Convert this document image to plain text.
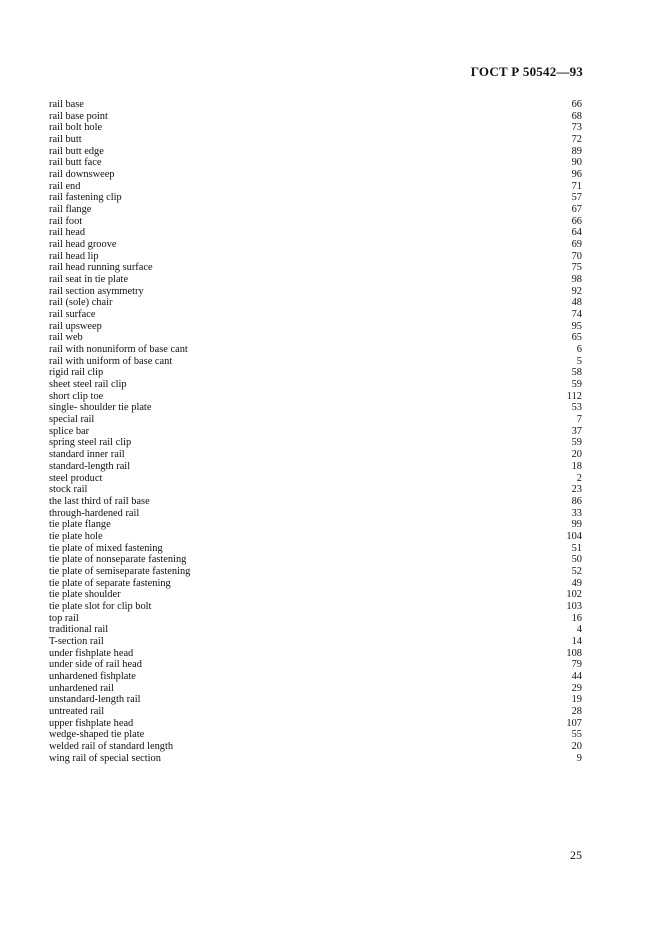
ГОСТ Р 50542—93
rail base	66
rail base point	68
rail bolt hole	73
rail butt	72
rail butt edge	89
rail butt face	90
rail downsweep	96
rail end	71
rail fastening clip	57
rail flange	67
rail foot	66
rail head	64
rail head groove	69
rail head lip	70
rail head running surface	75
rail seat in tie plate	98
rail section asymmetry	92
rail (sole) chair	48
rail surface	74
rail upsweep	95
rail web	65
rail with nonuniform of base cant	6
rail with uniform of base cant	5
rigid rail clip	58
sheet steel rail clip	59
short clip toe	112
single- shoulder tie plate	53
special rail	7
splice bar	37
spring steel rail clip	59
standard inner rail	20
standard-length rail	18
steel product	2
stock rail	23
the last third of rail base	86
through-hardened rail	33
tie plate flange	99
tie plate hole	104
tie plate of mixed fastening	51
tie plate of nonseparate fastening	50
tie plate of semiseparate fastening	52
tie plate of separate fastening	49
tie plate shoulder	102
tie plate slot for clip bolt	103
top rail	16
traditional rail	4
T-section rail	14
under fishplate head	108
under side of rail head	79
unhardened fishplate	44
unhardened rail	29
unstandard-length rail	19
untreated rail	28
upper fishplate head	107
wedge-shaped tie plate	55
welded rail of standard length	20
wing rail of special section	9
25
